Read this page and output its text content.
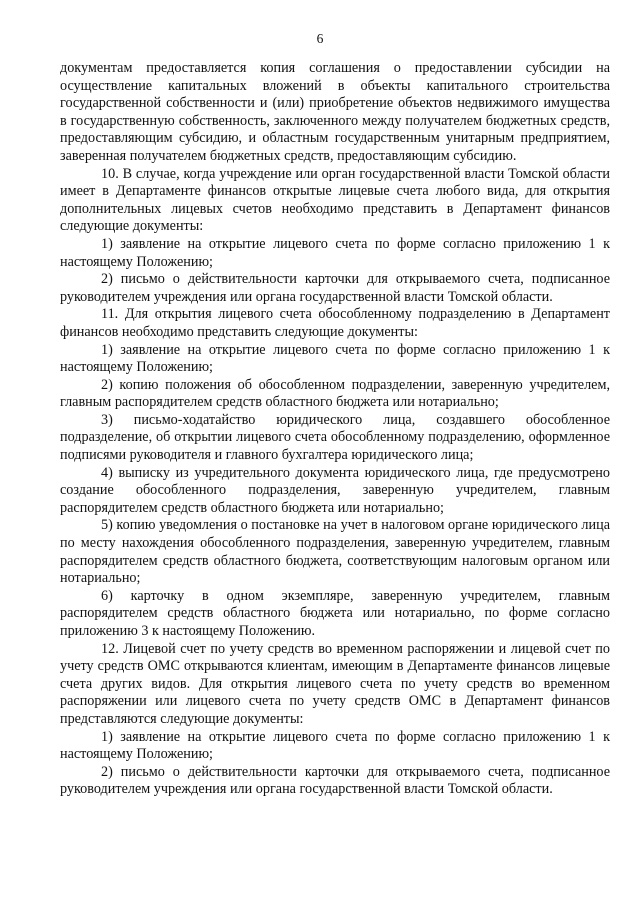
6

документам предоставляется копия соглашения о предоставлении субсидии на осуществление капитальных вложений в объекты капитального строительства государственной собственности и (или) приобретение объектов недвижимого имущества в государственную собственность, заключенного между получателем бюджетных средств, предоставляющим субсидию, и областным государственным унитарным предприятием, заверенная получателем бюджетных средств, предоставляющим субсидию.

10. В случае, когда учреждение или орган государственной власти Томской области имеет в Департаменте финансов открытые лицевые счета любого вида, для открытия дополнительных лицевых счетов необходимо представить в Департамент финансов следующие документы:

1) заявление на открытие лицевого счета по форме согласно приложению 1 к настоящему Положению;

2) письмо о действительности карточки для открываемого счета, подписанное руководителем учреждения или органа государственной власти Томской области.

11. Для открытия лицевого счета обособленному подразделению в Департамент финансов необходимо представить следующие документы:

1) заявление на открытие лицевого счета по форме согласно приложению 1 к настоящему Положению;

2) копию положения об обособленном подразделении, заверенную учредителем, главным распорядителем средств областного бюджета или нотариально;

3) письмо-ходатайство юридического лица, создавшего обособленное подразделение, об открытии лицевого счета обособленному подразделению, оформленное подписями руководителя и главного бухгалтера юридического лица;

4) выписку из учредительного документа юридического лица, где предусмотрено создание обособленного подразделения, заверенную учредителем, главным распорядителем средств областного бюджета или нотариально;

5) копию уведомления о постановке на учет в налоговом органе юридического лица по месту нахождения обособленного подразделения, заверенную учредителем, главным распорядителем средств областного бюджета, соответствующим налоговым органом или нотариально;

6) карточку в одном экземпляре, заверенную учредителем, главным распорядителем средств областного бюджета или нотариально, по форме согласно приложению 3 к настоящему Положению.

12. Лицевой счет по учету средств во временном распоряжении и лицевой счет по учету средств ОМС открываются клиентам, имеющим в Департаменте финансов лицевые счета других видов. Для открытия лицевого счета по учету средств во временном распоряжении или лицевого счета по учету средств ОМС в Департамент финансов представляются следующие документы:

1) заявление на открытие лицевого счета по форме согласно приложению 1 к настоящему Положению;

2) письмо о действительности карточки для открываемого счета, подписанное руководителем учреждения или органа государственной власти Томской области.
